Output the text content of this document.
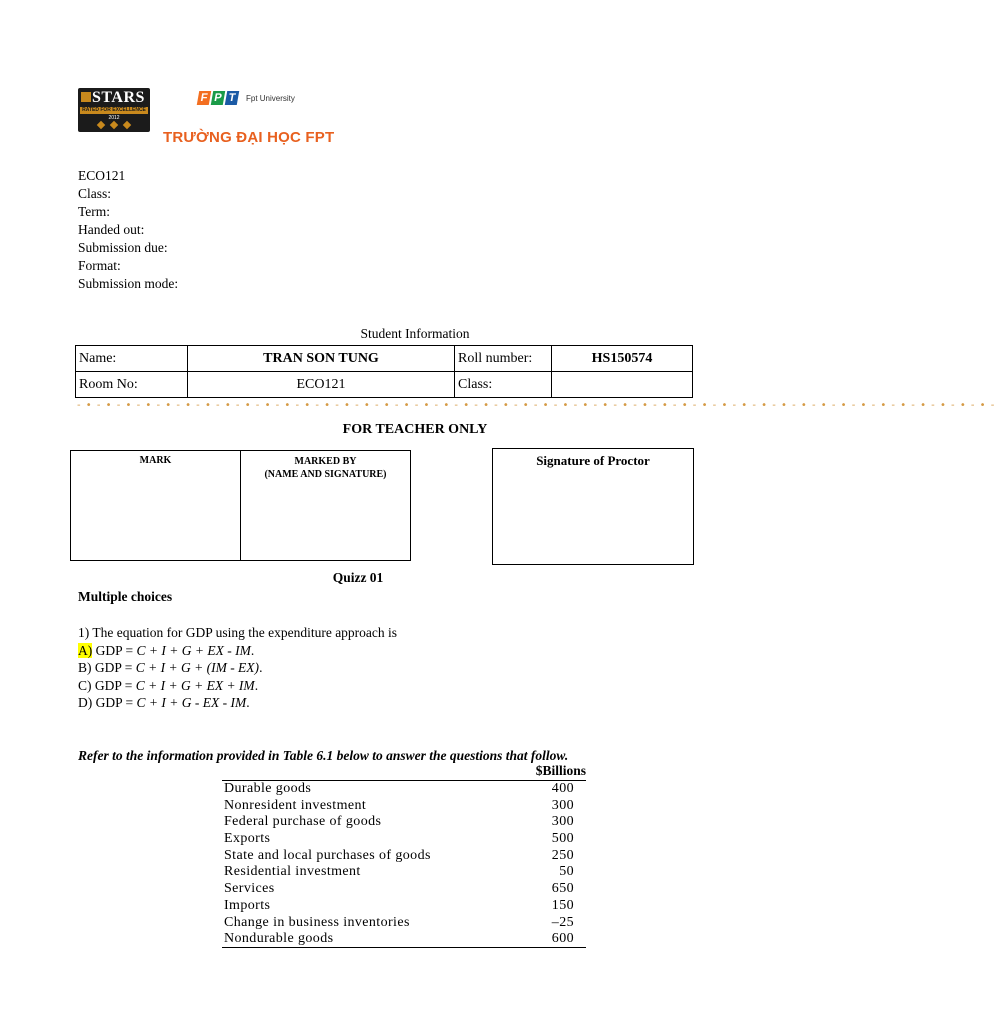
STARS
RATED FOR EXCELLENCE
2012
F P T	Fpt University
TRƯỜNG ĐẠI HỌC FPT
ECO121
Class:
Term:
Handed out:
Submission due:
Format:
Submission mode:
Student Information
Name:	TRAN SON TUNG	Roll number:	HS150574
Room No:	ECO121	Class:	
- • - • - • - • - • - • - • - • - • - • - • - • - • - • - • - • - • - • - • - • - • - • - • - • - • - • - • - • - • - • - • - • - • - • - • - • - • - • - • - • - • - • - • - • - • - • -
FOR TEACHER ONLY
MARK	MARKED BY
(NAME AND SIGNATURE)
Signature of Proctor
Quizz 01
Multiple choices
1) The equation for GDP using the expenditure approach is
A) GDP = C + I + G + EX - IM.
B) GDP = C + I + G + (IM - EX).
C) GDP = C + I + G + EX + IM.
D) GDP = C + I + G - EX - IM.
Refer to the information provided in Table 6.1 below to answer the questions that follow.
$Billions
Durable goods	400
Nonresident investment	300
Federal purchase of goods	300
Exports	500
State and local purchases of goods	250
Residential investment	50
Services	650
Imports	150
Change in business inventories	–25
Nondurable goods	600
